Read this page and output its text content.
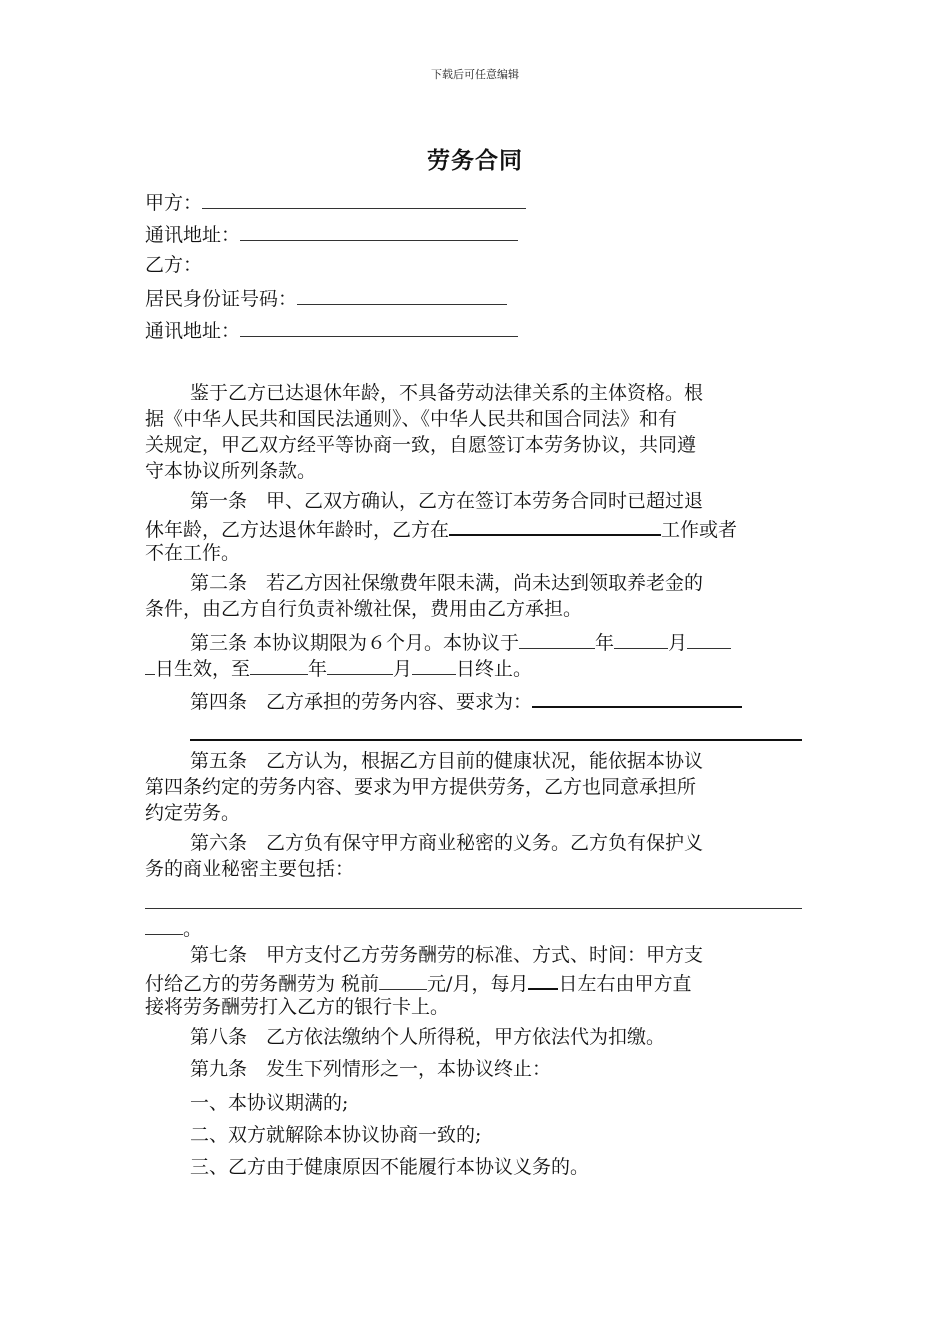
下载后可任意编辑
劳务合同
甲方：
通讯地址：
乙方：
居民身份证号码：
通讯地址：
鉴于乙方已达退休年龄，不具备劳动法律关系的主体资格。根
据《中华人民共和国民法通则》、《中华人民共和国合同法》和有
关规定，甲乙双方经平等协商一致，自愿签订本劳务协议，共同遵
守本协议所列条款。
第一条　甲、乙双方确认，乙方在签订本劳务合同时已超过退
休年龄，乙方达退休年龄时，乙方在	工作或者
不在工作。
第二条　若乙方因社保缴费年限未满，尚未达到领取养老金的
条件，由乙方自行负责补缴社保，费用由乙方承担。
第三条 本协议期限为６个月。本协议于	年	月
日生效，至	年	月 日终止。
第四条　乙方承担的劳务内容、要求为：
第五条　乙方认为，根据乙方目前的健康状况，能依据本协议
第四条约定的劳务内容、要求为甲方提供劳务，乙方也同意承担所
约定劳务。
第六条　乙方负有保守甲方商业秘密的义务。乙方负有保护义
务的商业秘密主要包括：
。
第七条　甲方支付乙方劳务酬劳的标准、方式、时间：甲方支
付给乙方的劳务酬劳为 税前	元/月，每月 日左右由甲方直
接将劳务酬劳打入乙方的银行卡上。
第八条　乙方依法缴纳个人所得税，甲方依法代为扣缴。
第九条　发生下列情形之一，本协议终止：
一、本协议期满的;
二、双方就解除本协议协商一致的;
三、乙方由于健康原因不能履行本协议义务的。
